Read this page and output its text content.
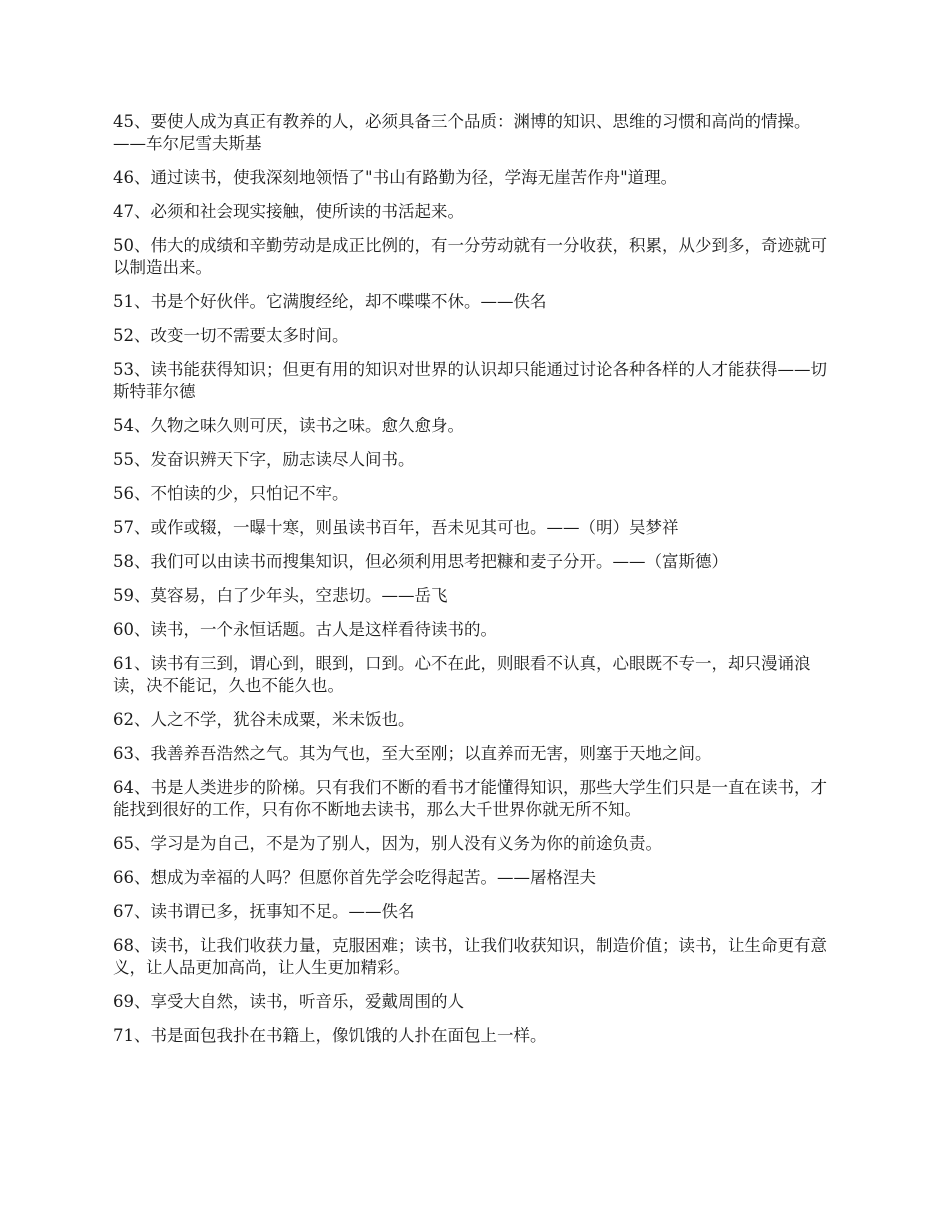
45、要使人成为真正有教养的人，必须具备三个品质：渊博的知识、思维的习惯和高尚的情操。——车尔尼雪夫斯基

46、通过读书，使我深刻地领悟了"书山有路勤为径，学海无崖苦作舟"道理。

47、必须和社会现实接触，使所读的书活起来。

50、伟大的成绩和辛勤劳动是成正比例的，有一分劳动就有一分收获，积累，从少到多，奇迹就可以制造出来。

51、书是个好伙伴。它满腹经纶，却不喋喋不休。——佚名

52、改变一切不需要太多时间。

53、读书能获得知识；但更有用的知识对世界的认识却只能通过讨论各种各样的人才能获得——切斯特菲尔德

54、久物之味久则可厌，读书之味。愈久愈身。

55、发奋识辨天下字，励志读尽人间书。

56、不怕读的少，只怕记不牢。

57、或作或辍，一曝十寒，则虽读书百年，吾未见其可也。——（明）吴梦祥

58、我们可以由读书而搜集知识，但必须利用思考把糠和麦子分开。——（富斯德）

59、莫容易，白了少年头，空悲切。——岳飞

60、读书，一个永恒话题。古人是这样看待读书的。

61、读书有三到，谓心到，眼到，口到。心不在此，则眼看不认真，心眼既不专一，却只漫诵浪读，决不能记，久也不能久也。

62、人之不学，犹谷未成粟，米未饭也。

63、我善养吾浩然之气。其为气也，至大至刚；以直养而无害，则塞于天地之间。

64、书是人类进步的阶梯。只有我们不断的看书才能懂得知识，那些大学生们只是一直在读书，才能找到很好的工作，只有你不断地去读书，那么大千世界你就无所不知。

65、学习是为自己，不是为了别人，因为，别人没有义务为你的前途负责。

66、想成为幸福的人吗？但愿你首先学会吃得起苦。——屠格涅夫

67、读书谓已多，抚事知不足。——佚名

68、读书，让我们收获力量，克服困难；读书，让我们收获知识，制造价值；读书，让生命更有意义，让人品更加高尚，让人生更加精彩。

69、享受大自然，读书，听音乐，爱戴周围的人

71、书是面包我扑在书籍上，像饥饿的人扑在面包上一样。
